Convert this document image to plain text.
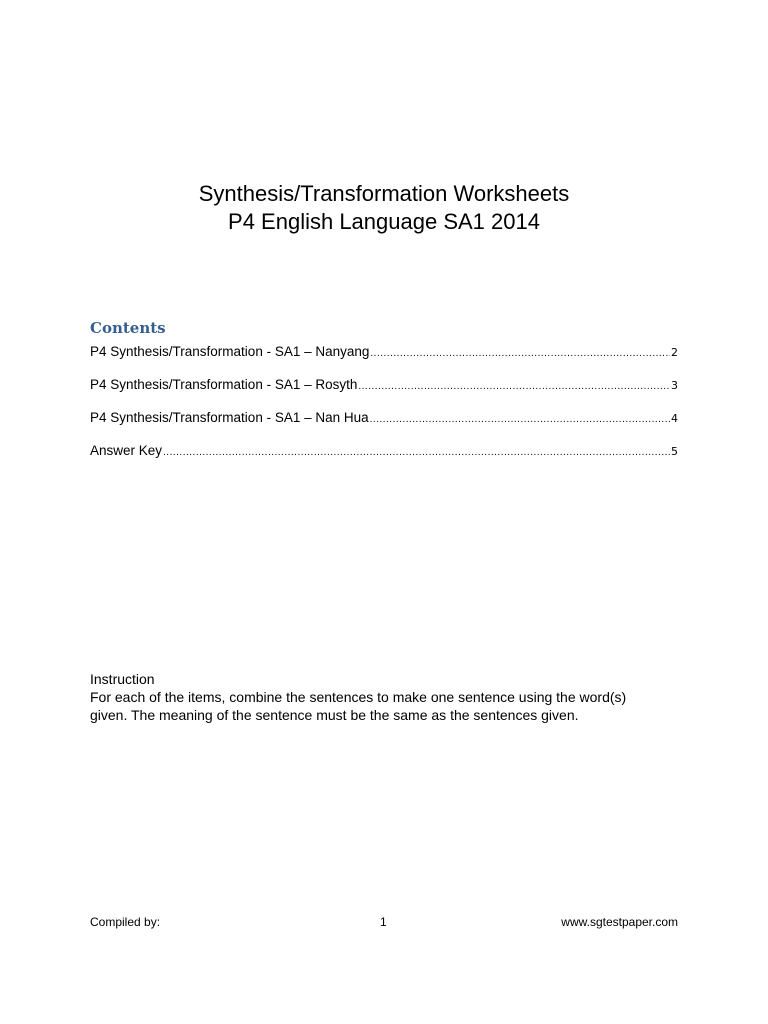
Synthesis/Transformation Worksheets
P4 English Language SA1 2014
Contents
P4 Synthesis/Transformation - SA1 – Nanyang .....	2
P4 Synthesis/Transformation - SA1 – Rosyth .....	3
P4 Synthesis/Transformation - SA1 – Nan Hua .....	4
Answer Key .....	5
Instruction
For each of the items, combine the sentences to make one sentence using the word(s)
given. The meaning of the sentence must be the same as the sentences given.
Compiled by:	1	www.sgtestpaper.com
